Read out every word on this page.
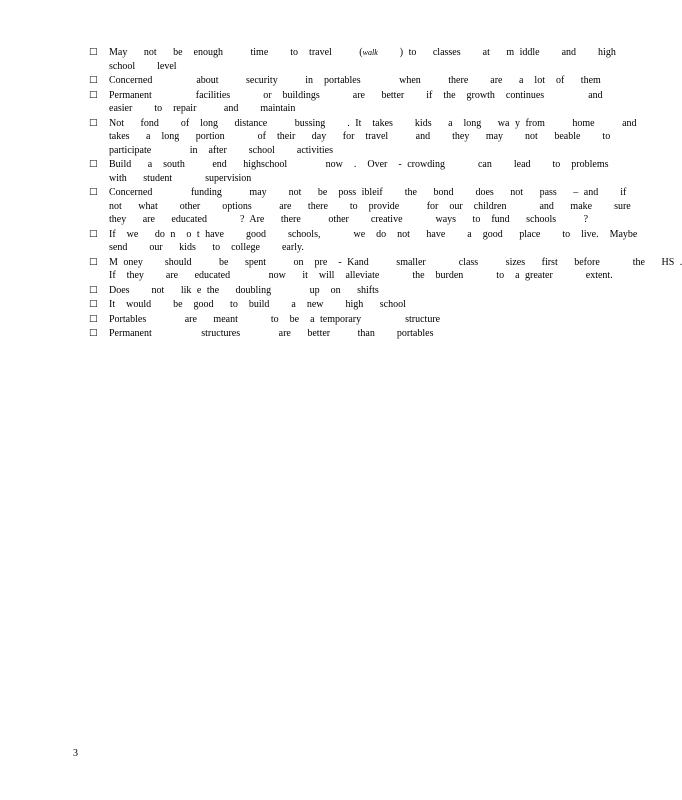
□ May   not   be  enough     time    to  travel     (walk    ) to   classes    at   m iddle    and    high
school    level
□ Concerned        about     security     in  portables       when     there    are   a  lot  of   them
□ Permanent        facilities      or  buildings      are   better    if  the  growth  continues        and
easier    to  repair     and    maintain
□ Not   fond    of  long   distance     bussing    . It  takes    kids   a  long   wa y from     home     and
takes   a  long   portion      of  their   day   for  travel     and    they   may    not   beable    to
participate       in  after    school    activities
□ Build   a  south     end   highschool       now  .  Over  - crowding      can    lead    to  problems
with   student      supervision
□ Concerned       funding     may    not   be  poss ibleif    the   bond    does   not   pass   – and    if
not   what    other    options     are   there    to  provide     for  our  children      and   make    sure
they   are   educated      ? Are   there     other    creative      ways   to  fund   schools     ?
□ If  we   do n  o t have    good    schools,      we  do  not   have    a  good   place    to  live.  Maybe
send    our   kids   to  college    early.
□ M oney    should     be   spent     on  pre  - Kand     smaller      class     sizes   first   before      the   HS .
If  they    are   educated       now   it  will  alleviate      the  burden      to  a greater      extent.
□ Does    not   lik e the   doubling       up  on   shifts
□ It  would    be  good   to  build    a  new    high   school
□ Portables       are   meant      to  be  a temporary        structure
□ Permanent         structures       are   better     than    portables
3
